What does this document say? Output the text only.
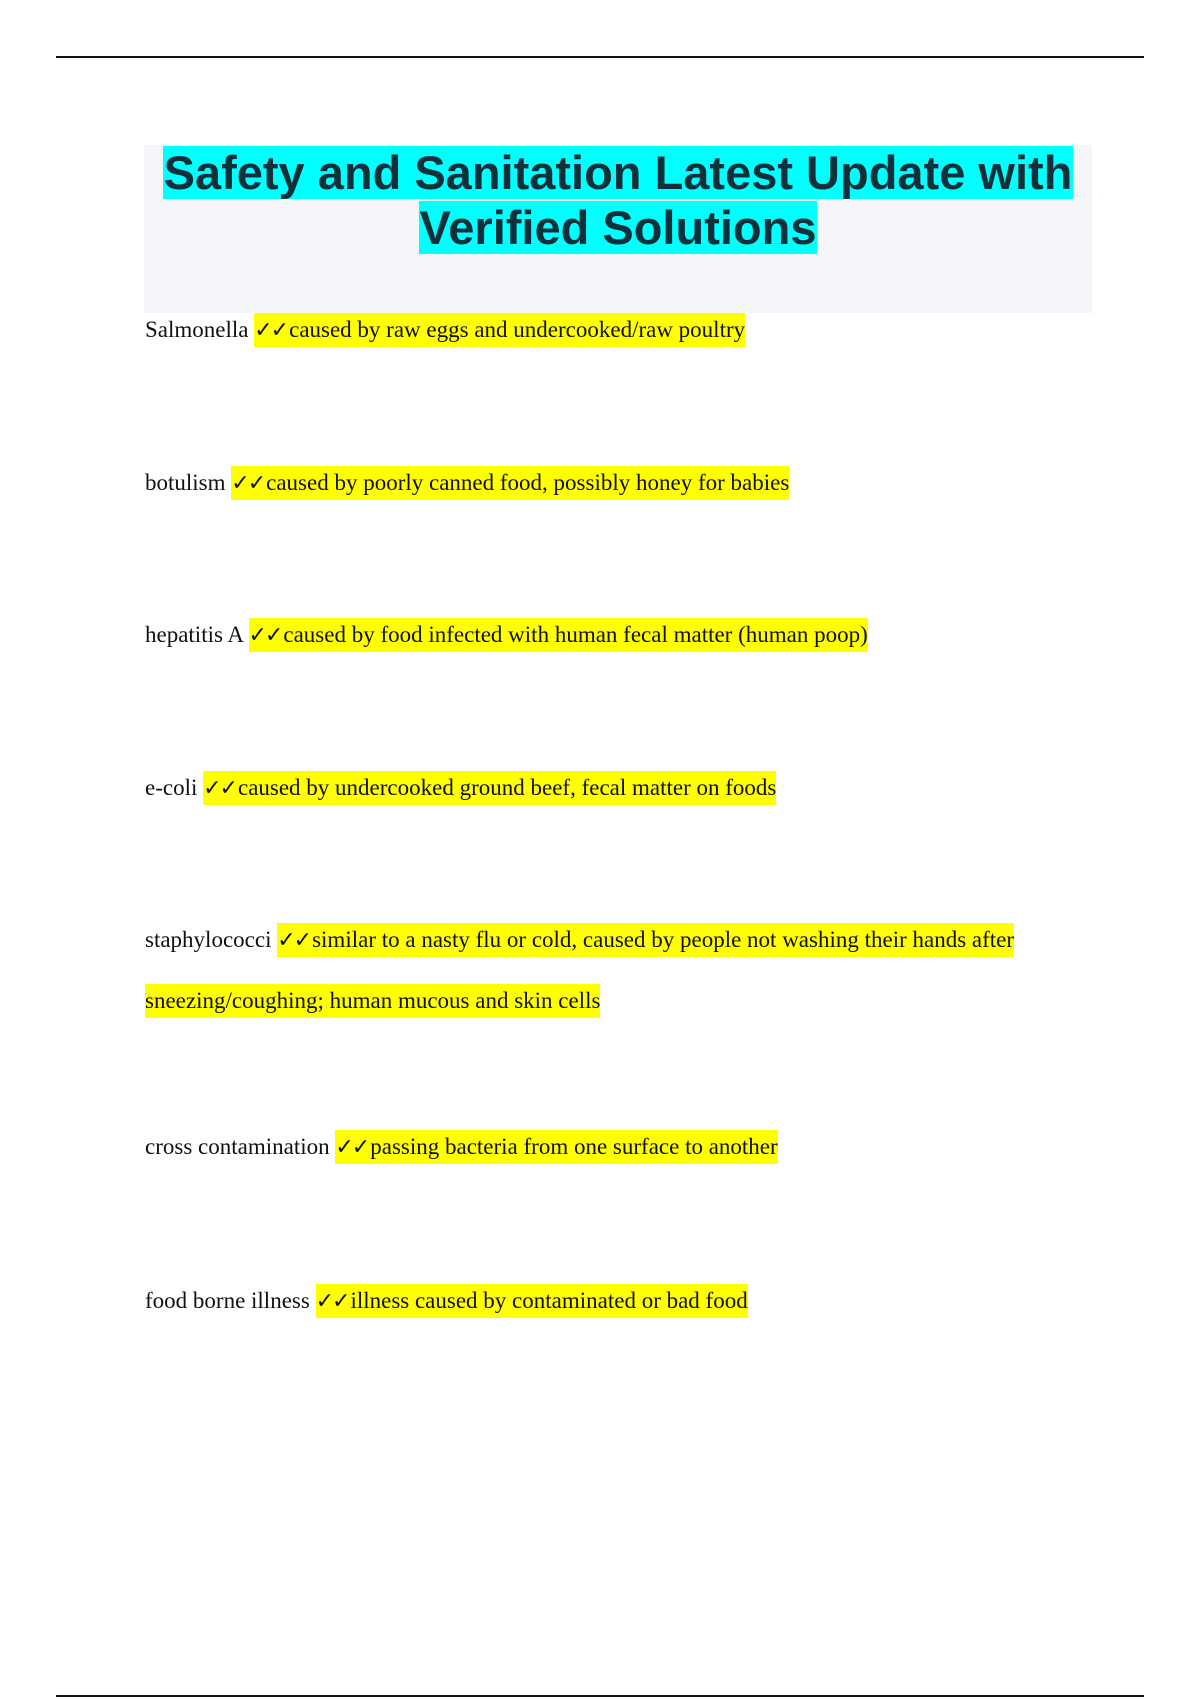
Safety and Sanitation Latest Update with
Verified Solutions
Salmonella ✓✓caused by raw eggs and undercooked/raw poultry
botulism ✓✓caused by poorly canned food, possibly honey for babies
hepatitis A ✓✓caused by food infected with human fecal matter (human poop)
e-coli ✓✓caused by undercooked ground beef, fecal matter on foods
staphylococci ✓✓similar to a nasty flu or cold, caused by people not washing their hands after sneezing/coughing; human mucous and skin cells
cross contamination ✓✓passing bacteria from one surface to another
food borne illness ✓✓illness caused by contaminated or bad food
